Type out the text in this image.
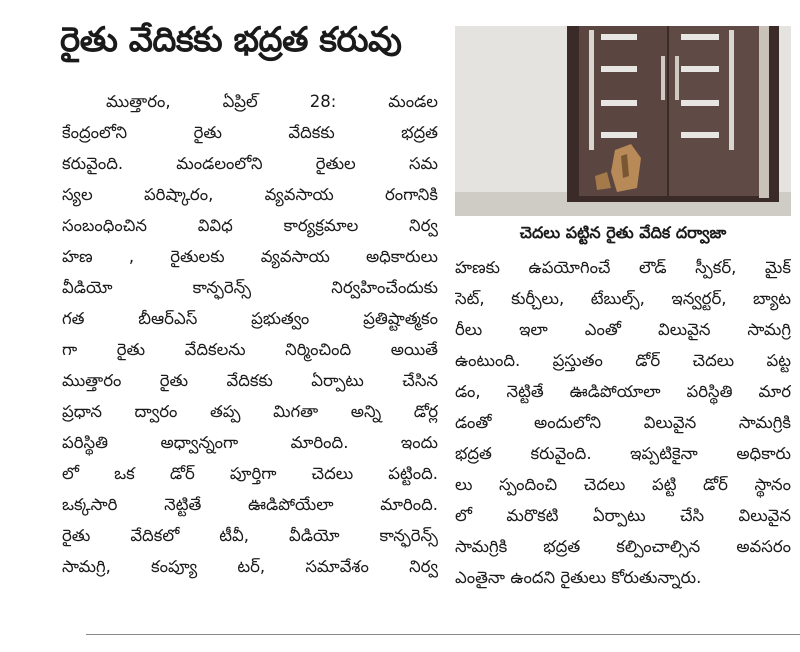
రైతు వేదికకు భద్రత కరువు

ముత్తారం, ఏప్రిల్ 28: మండల

కేంద్రంలోని రైతు వేదికకు భద్రత

కరువైంది. మండలంలోని రైతుల సమ

స్యల పరిష్కారం, వ్యవసాయ రంగానికి

సంబంధించిన వివిధ కార్యక్రమాల నిర్వ

హణ , రైతులకు వ్యవసాయ అధికారులు

వీడియో కాన్ఫరెన్స్ నిర్వహించేందుకు

గత బీఆర్ఎస్ ప్రభుత్వం ప్రతిష్టాత్మకం

గా రైతు వేదికలను నిర్మించింది అయితే

ముత్తారం రైతు వేదికకు ఏర్పాటు చేసిన

ప్రధాన ద్వారం తప్ప మిగతా అన్ని డోర్ల

పరిస్థితి అధ్వాన్నంగా మారింది. ఇందు

లో ఒక డోర్ పూర్తిగా చెదలు పట్టింది.

ఒక్కసారి నెట్టితే ఊడిపోయేలా మారింది.

రైతు వేదికలో టీవీ, వీడియో కాన్ఫరెన్స్

సామగ్రి, కంప్యూ టర్, సమావేశం నిర్వ

చెదలు పట్టిన రైతు వేదిక దర్వాజా

హణకు ఉపయోగించే లౌడ్ స్పీకర్, మైక్

సెట్, కుర్చీలు, టేబుల్స్, ఇన్వర్టర్, బ్యాట

రీలు ఇలా ఎంతో విలువైన సామగ్రి

ఉంటుంది. ప్రస్తుతం డోర్ చెదలు పట్ట

డం, నెట్టితే ఊడిపోయాలా పరిస్థితి మార

డంతో అందులోని విలువైన సామగ్రికి

భద్రత కరువైంది. ఇప్పటికైనా అధికారు

లు స్పందించి చెదలు పట్టి డోర్ స్థానం

లో మరొకటి ఏర్పాటు చేసి విలువైన

సామగ్రికి భద్రత కల్పించాల్సిన అవసరం

ఎంతైనా ఉందని రైతులు కోరుతున్నారు.
